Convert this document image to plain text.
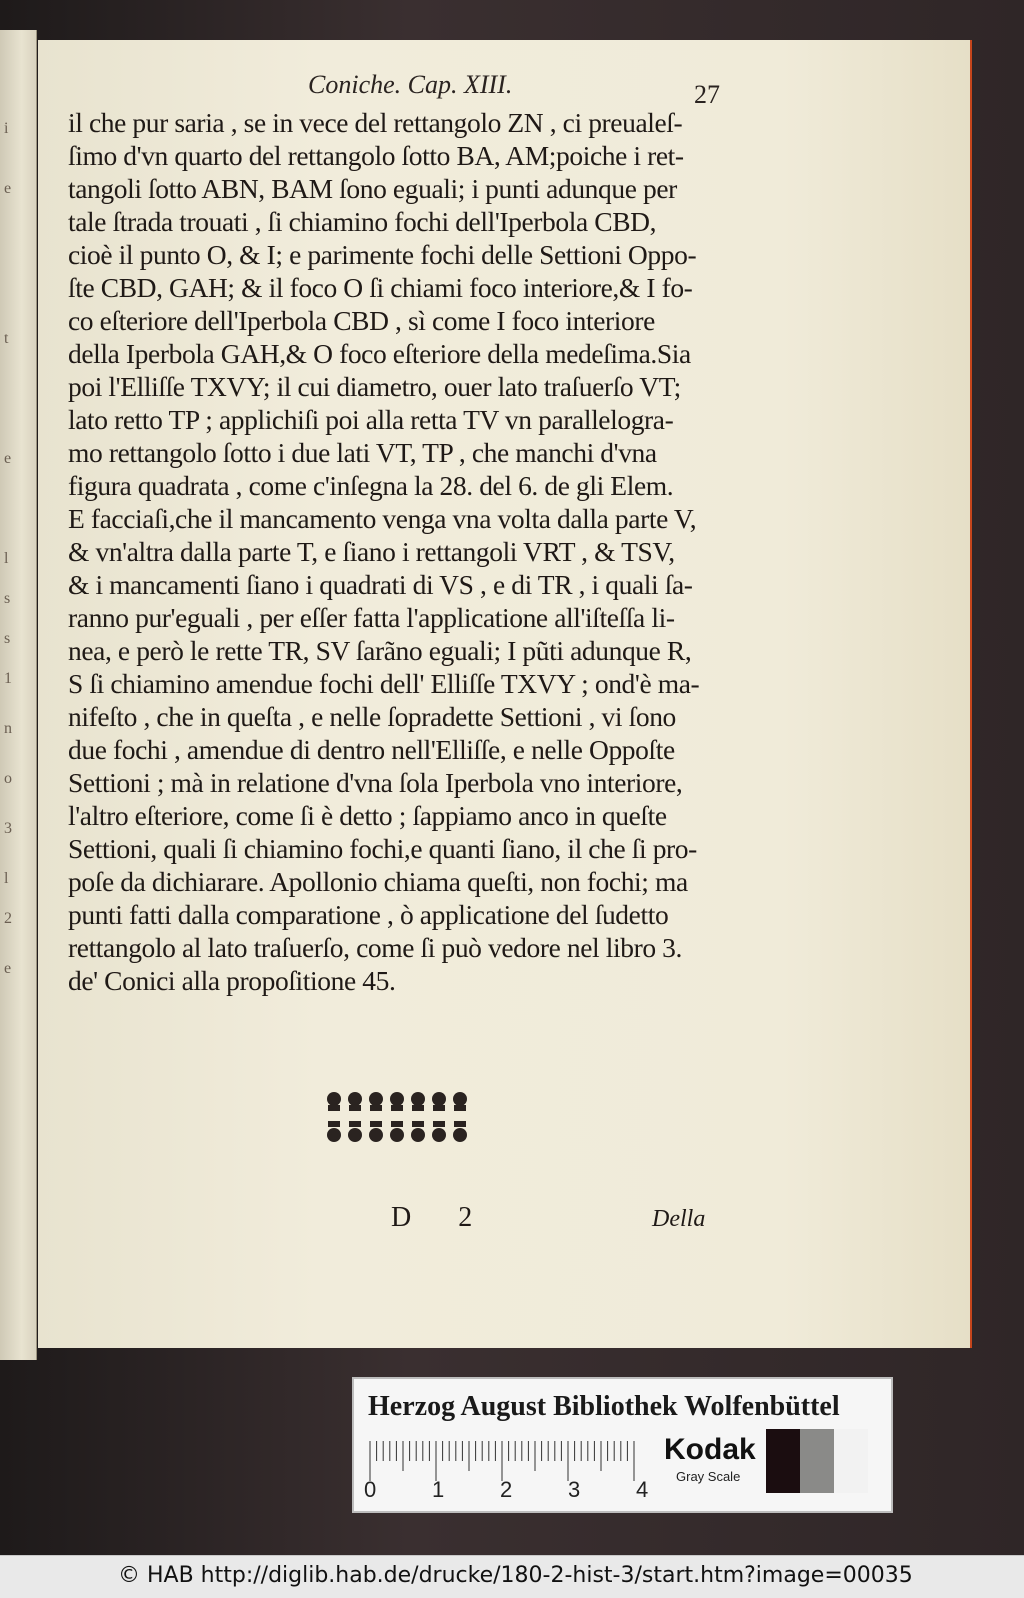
i
e
t
e
l
s
s
1
n
o
3
l
2
e
Coniche. Cap. XIII.	27
il che pur saria , se in vece del rettangolo ZN , ci preualeſ-
ſimo d'vn quarto del rettangolo ſotto BA, AM;poiche i ret-
tangoli ſotto ABN, BAM ſono eguali; i punti adunque per
tale ſtrada trouati , ſi chiamino fochi dell'Iperbola CBD,
cioè il punto O, & I; e parimente fochi delle Settioni Oppo-
ſte CBD, GAH; & il foco O ſi chiami foco interiore,& I fo-
co eſteriore dell'Iperbola CBD , sì come I foco interiore
della Iperbola GAH,& O foco eſteriore della medeſima.Sia
poi l'Elliſſe TXVY; il cui diametro, ouer lato traſuerſo VT;
lato retto TP ; applichiſi poi alla retta TV vn parallelogra-
mo rettangolo ſotto i due lati VT, TP , che manchi d'vna
figura quadrata , come c'inſegna la 28. del 6. de gli Elem.
E facciaſi,che il mancamento venga vna volta dalla parte V,
& vn'altra dalla parte T, e ſiano i rettangoli VRT , & TSV,
& i mancamenti ſiano i quadrati di VS , e di TR , i quali ſa-
ranno pur'eguali , per eſſer fatta l'applicatione all'iſteſſa li-
nea, e però le rette TR, SV ſarãno eguali; I pũti adunque R,
S ſi chiamino amendue fochi dell' Elliſſe TXVY ; ond'è ma-
nifeſto , che in queſta , e nelle ſopradette Settioni , vi ſono
due fochi , amendue di dentro nell'Elliſſe, e nelle Oppoſte
Settioni ; mà in relatione d'vna ſola Iperbola vno interiore,
l'altro eſteriore, come ſi è detto ; ſappiamo anco in queſte
Settioni, quali ſi chiamino fochi,e quanti ſiano, il che ſi pro-
poſe da dichiarare. Apollonio chiama queſti, non fochi; ma
punti fatti dalla comparatione , ò applicatione del ſudetto
rettangolo al lato traſuerſo, come ſi può vedore nel libro 3.
de' Conici alla propoſitione 45.
D 2	Della
Herzog August Bibliothek Wolfenbüttel
0	1	2	3	4
Kodak
Gray Scale
© HAB http://diglib.hab.de/drucke/180-2-hist-3/start.htm?image=00035
